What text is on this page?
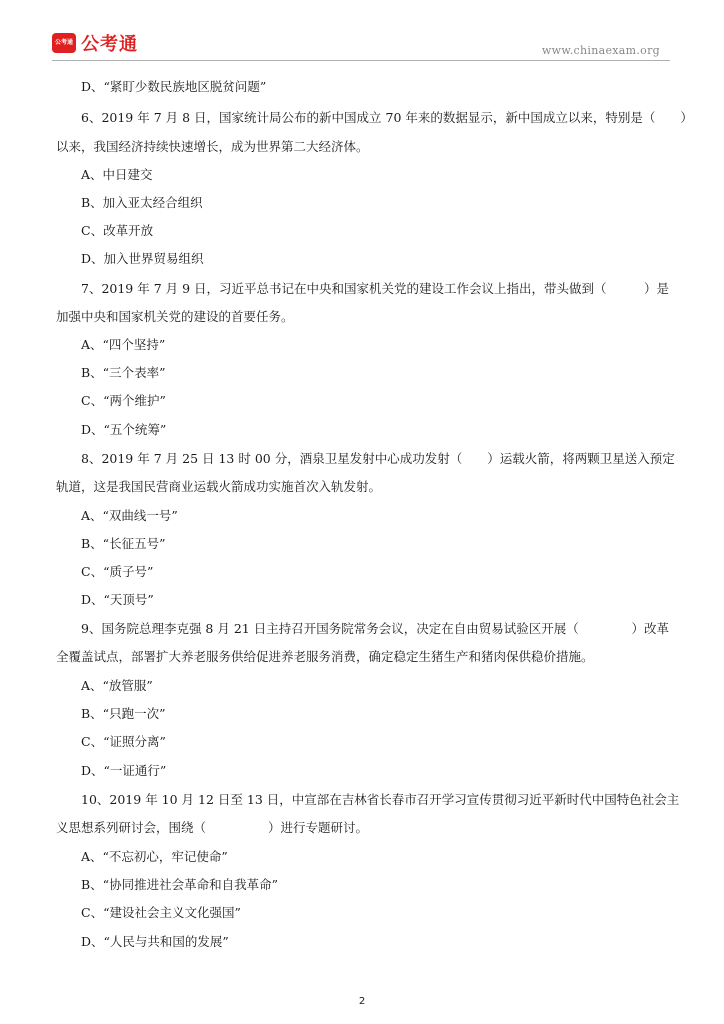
公考通 公考通	www.chinaexam.org
D、“紧盯少数民族地区脱贫问题”
6、2019 年 7 月 8 日，国家统计局公布的新中国成立 70 年来的数据显示，新中国成立以来，特别是（	）
以来，我国经济持续快速增长，成为世界第二大经济体。
A、中日建交
B、加入亚太经合组织
C、改革开放
D、加入世界贸易组织
7、2019 年 7 月 9 日，习近平总书记在中央和国家机关党的建设工作会议上指出，带头做到（	）是
加强中央和国家机关党的建设的首要任务。
A、“四个坚持”
B、“三个表率”
C、“两个维护”
D、“五个统筹”
8、2019 年 7 月 25 日 13 时 00 分，酒泉卫星发射中心成功发射（	）运载火箭，将两颗卫星送入预定
轨道，这是我国民营商业运载火箭成功实施首次入轨发射。
A、“双曲线一号”
B、“长征五号”
C、“质子号”
D、“天顶号”
9、国务院总理李克强 8 月 21 日主持召开国务院常务会议，决定在自由贸易试验区开展（	）改革
全覆盖试点，部署扩大养老服务供给促进养老服务消费，确定稳定生猪生产和猪肉保供稳价措施。
A、“放管服”
B、“只跑一次”
C、“证照分离”
D、“一证通行”
10、2019 年 10 月 12 日至 13 日，中宣部在吉林省长春市召开学习宣传贯彻习近平新时代中国特色社会主
义思想系列研讨会，围绕（	）进行专题研讨。
A、“不忘初心，牢记使命”
B、“协同推进社会革命和自我革命”
C、“建设社会主义文化强国”
D、“人民与共和国的发展”
2
